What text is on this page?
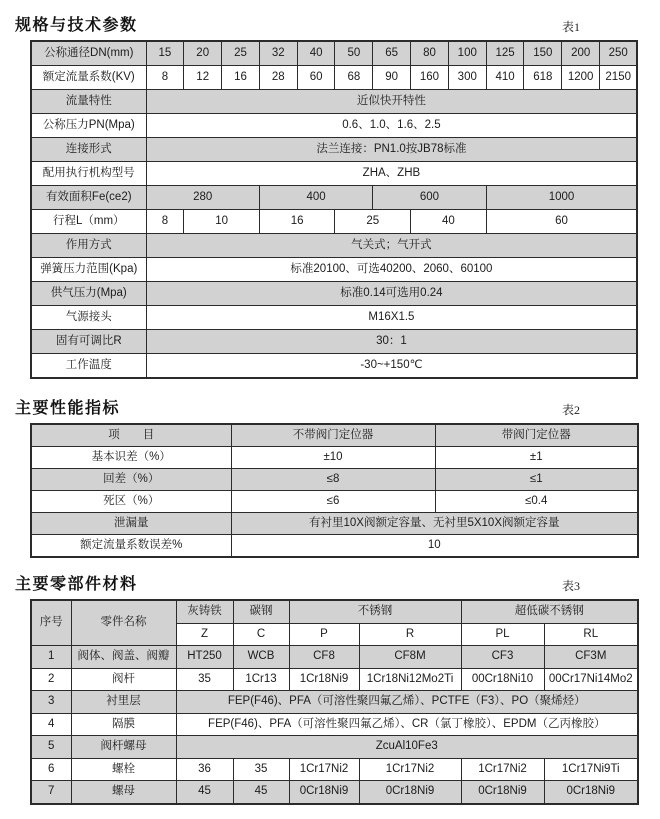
规格与技术参数	表1
公称通径DN(mm)	15	20	25	32	40	50	65	80	100	125	150	200	250
额定流量系数(KV)	8	12	16	28	60	68	90	160	300	410	618	1200	2150
流量特性	近似快开特性												
公称压力PN(Mpa)	0.6、1.0、1.6、2.5												
连接形式	法兰连接：PN1.0按JB78标准												
配用执行机构型号	ZHA、ZHB												
有效面积Fe(ce2)	280			400			600			1000			
行程L（mm）	8	10		16		25		40		60			
作用方式	气关式；气开式												
弹簧压力范围(Kpa)	标准20100、可选40200、2060、60100												
供气压力(Mpa)	标准0.14可选用0.24												
气源接头	M16X1.5												
固有可调比R	30：1												
工作温度	-30~+150℃												
主要性能指标	表2
项　　目	不带阀门定位器	带阀门定位器
基本识差（%）	±10	±1
回差（%）	≤8	≤1
死区（%）	≤6	≤0.4
泄漏量	有衬里10X阀额定容量、无衬里5X10X阀额定容量	
额定流量系数误差%	10	
主要零部件材料	表3
序号	零件名称	灰铸铁	碳钢	不锈钢		超低碳不锈钢	
		Z	C	P	R	PL	RL
1	阀体、阀盖、阀瓣	HT250	WCB	CF8	CF8M	CF3	CF3M
2	阀杆	35	1Cr13	1Cr18Ni9	1Cr18Ni12Mo2Ti	00Cr18Ni10	00Cr17Ni14Mo2
3	衬里层	FEP(F46)、PFA（可溶性聚四氟乙烯）、PCTFE（F3）、PO（聚烯烃）					
4	隔膜	FEP(F46)、PFA（可溶性聚四氟乙烯）、CR（氯丁橡胶）、EPDM（乙丙橡胶）					
5	阀杆螺母	ZcuAl10Fe3					
6	螺栓	36	35	1Cr17Ni2	1Cr17Ni2	1Cr17Ni2	1Cr17Ni9Ti
7	螺母	45	45	0Cr18Ni9	0Cr18Ni9	0Cr18Ni9	0Cr18Ni9
